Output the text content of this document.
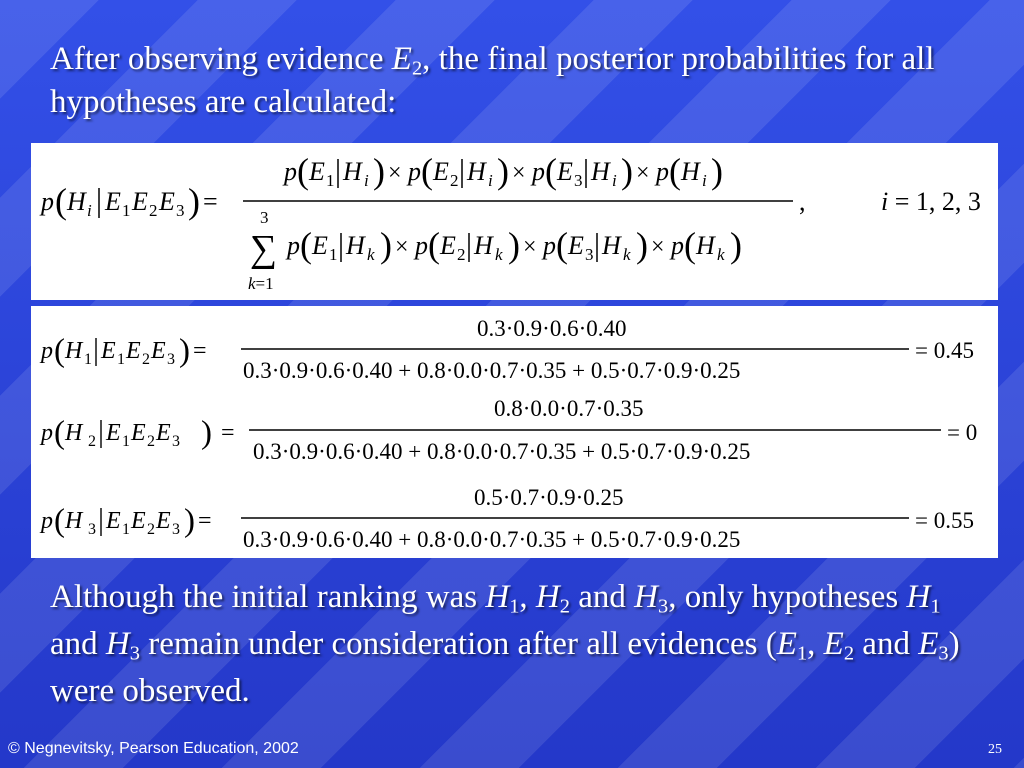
After observing evidence $E_2$, the final posterior probabilities for all hypotheses are calculated:
p ( H i E 1 E 2 E 3 ) =
p ( E 1 H i ) × p ( E 2 H i ) × p ( E 3 H i ) × p ( H i )
,
3
∑
k=1
p ( E 1 H k ) × p ( E 2 H k ) × p ( E 3 H k ) × p ( H k )
i = 1, 2, 3
p ( H 1 E 1 E 2 E 3 ) =
0.3·0.9·0.6·0.40
0.3·0.9·0.6·0.40 + 0.8·0.0·0.7·0.35 + 0.5·0.7·0.9·0.25
= 0.45
p ( H 2 E 1 E 2 E 3 ) =
0.8·0.0·0.7·0.35
0.3·0.9·0.6·0.40 + 0.8·0.0·0.7·0.35 + 0.5·0.7·0.9·0.25
= 0
p ( H 3 E 1 E 2 E 3 ) =
0.5·0.7·0.9·0.25
0.3·0.9·0.6·0.40 + 0.8·0.0·0.7·0.35 + 0.5·0.7·0.9·0.25
= 0.55
Although the initial ranking was $H_1$, $H_2$ and $H_3$, only hypotheses $H_1$ and $H_3$ remain under consideration after all evidences ($E_1$, $E_2$ and $E_3$) were observed.
© Negnevitsky, Pearson Education, 2002	25
